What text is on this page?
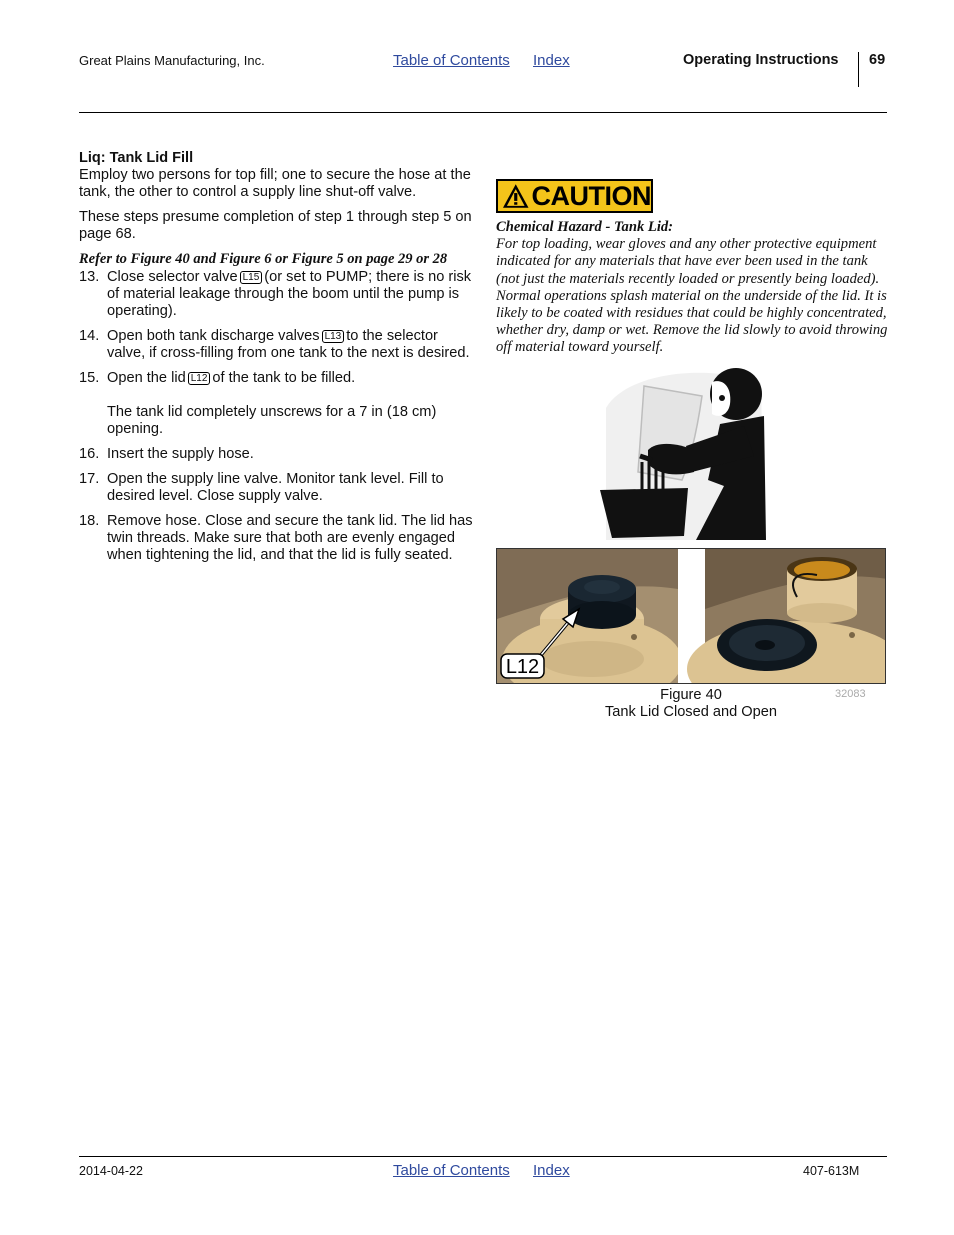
Great Plains Manufacturing, Inc.	Table of Contents Index	Operating Instructions 69

Liq: Tank Lid Fill

Employ two persons for top fill; one to secure the hose at the tank, the other to control a supply line shut-off valve.

These steps presume completion of step 1 through step 5 on page 68.

Refer to Figure 40 and Figure 6 or Figure 5 on page 29 or 28

13. Close selector valve L15 (or set to PUMP; there is no risk of material leakage through the boom until the pump is operating).
14. Open both tank discharge valves L13 to the selector valve, if cross-filling from one tank to the next is desired.
15. Open the lid L12 of the tank to be filled.
The tank lid completely unscrews for a 7 in (18 cm) opening.
16. Insert the supply hose.
17. Open the supply line valve. Monitor tank level. Fill to desired level. Close supply valve.
18. Remove hose. Close and secure the tank lid. The lid has twin threads. Make sure that both are evenly engaged when tightening the lid, and that the lid is fully seated.
CAUTION

Chemical Hazard - Tank Lid:

For top loading, wear gloves and any other protective equipment indicated for any materials that have ever been used in the tank (not just the materials recently loaded or presently being loaded). Normal operations splash material on the underside of the lid. It is likely to be coated with residues that could be highly concentrated, whether dry, damp or wet. Remove the lid slowly to avoid throwing off material toward yourself.

L12
32083
Figure 40
Tank Lid Closed and Open
2014-04-22	Table of Contents Index	407-613M
